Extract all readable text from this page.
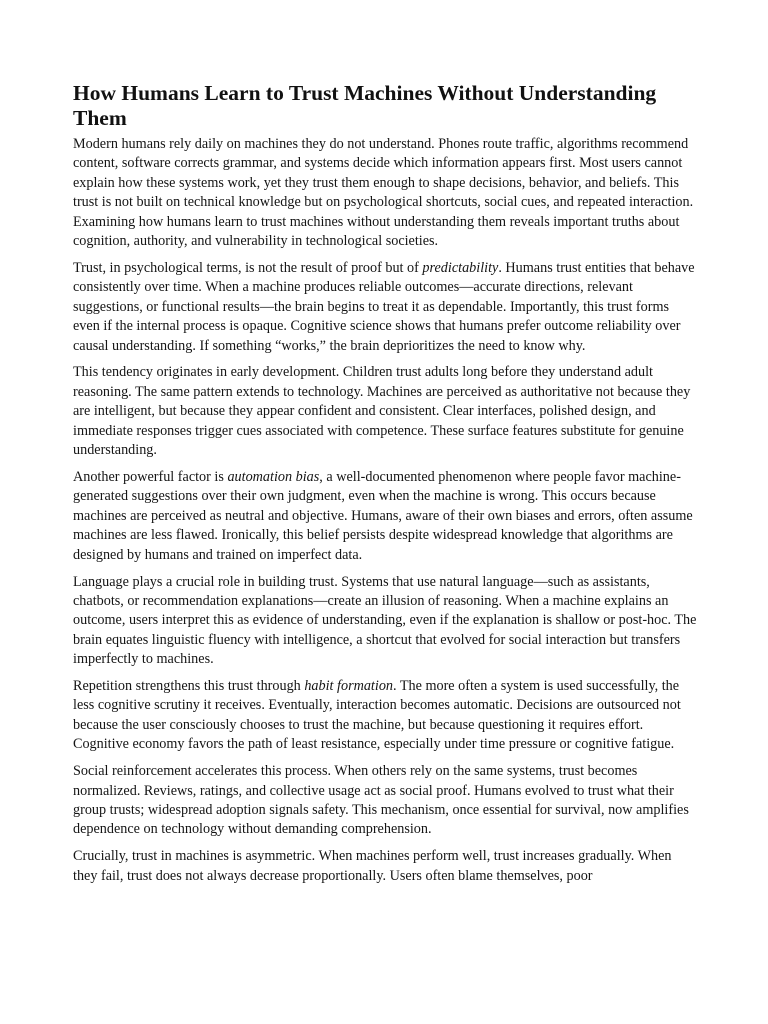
How Humans Learn to Trust Machines Without Understanding Them

Modern humans rely daily on machines they do not understand. Phones route traffic, algorithms recommend content, software corrects grammar, and systems decide which information appears first. Most users cannot explain how these systems work, yet they trust them enough to shape decisions, behavior, and beliefs. This trust is not built on technical knowledge but on psychological shortcuts, social cues, and repeated interaction. Examining how humans learn to trust machines without understanding them reveals important truths about cognition, authority, and vulnerability in technological societies.

Trust, in psychological terms, is not the result of proof but of predictability. Humans trust entities that behave consistently over time. When a machine produces reliable outcomes—accurate directions, relevant suggestions, or functional results—the brain begins to treat it as dependable. Importantly, this trust forms even if the internal process is opaque. Cognitive science shows that humans prefer outcome reliability over causal understanding. If something “works,” the brain deprioritizes the need to know why.

This tendency originates in early development. Children trust adults long before they understand adult reasoning. The same pattern extends to technology. Machines are perceived as authoritative not because they are intelligent, but because they appear confident and consistent. Clear interfaces, polished design, and immediate responses trigger cues associated with competence. These surface features substitute for genuine understanding.

Another powerful factor is automation bias, a well-documented phenomenon where people favor machine-generated suggestions over their own judgment, even when the machine is wrong. This occurs because machines are perceived as neutral and objective. Humans, aware of their own biases and errors, often assume machines are less flawed. Ironically, this belief persists despite widespread knowledge that algorithms are designed by humans and trained on imperfect data.

Language plays a crucial role in building trust. Systems that use natural language—such as assistants, chatbots, or recommendation explanations—create an illusion of reasoning. When a machine explains an outcome, users interpret this as evidence of understanding, even if the explanation is shallow or post-hoc. The brain equates linguistic fluency with intelligence, a shortcut that evolved for social interaction but transfers imperfectly to machines.

Repetition strengthens this trust through habit formation. The more often a system is used successfully, the less cognitive scrutiny it receives. Eventually, interaction becomes automatic. Decisions are outsourced not because the user consciously chooses to trust the machine, but because questioning it requires effort. Cognitive economy favors the path of least resistance, especially under time pressure or cognitive fatigue.

Social reinforcement accelerates this process. When others rely on the same systems, trust becomes normalized. Reviews, ratings, and collective usage act as social proof. Humans evolved to trust what their group trusts; widespread adoption signals safety. This mechanism, once essential for survival, now amplifies dependence on technology without demanding comprehension.

Crucially, trust in machines is asymmetric. When machines perform well, trust increases gradually. When they fail, trust does not always decrease proportionally. Users often blame themselves, poor
